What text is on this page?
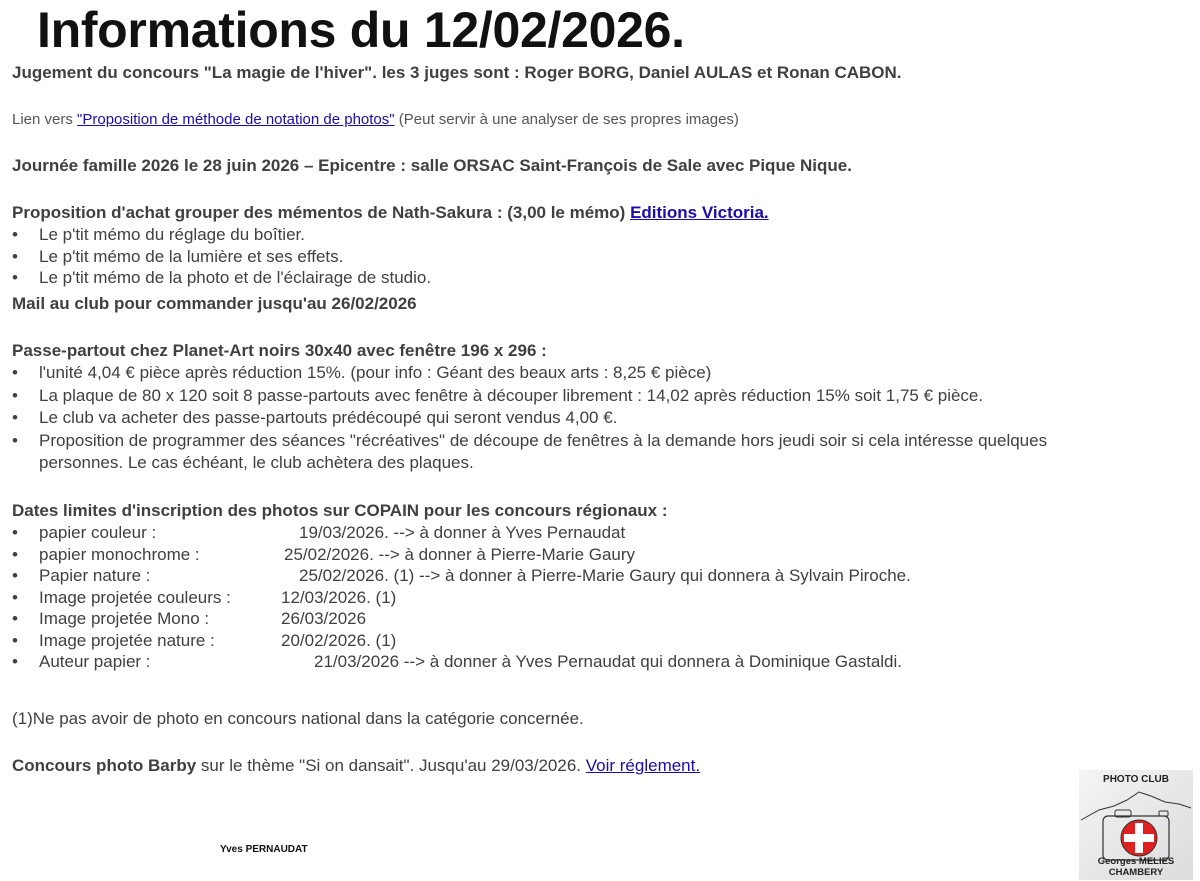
Informations du 12/02/2026.
Jugement du concours "La magie de l'hiver". les 3 juges sont : Roger BORG, Daniel AULAS et Ronan CABON.
Lien vers "Proposition de méthode de notation de photos" (Peut servir à une analyser de ses propres images)
Journée famille 2026 le 28 juin 2026 – Epicentre : salle ORSAC Saint-François de Sale avec Pique Nique.
Proposition d'achat grouper des mémentos de Nath-Sakura : (3,00 le mémo) Editions Victoria.
• Le p'tit mémo du réglage du boîtier.
• Le p'tit mémo de la lumière et ses effets.
• Le p'tit mémo de la photo et de l'éclairage de studio.
Mail au club pour commander jusqu'au 26/02/2026
Passe-partout chez Planet-Art noirs 30x40 avec fenêtre 196 x 296 :
• l'unité 4,04 € pièce après réduction 15%. (pour info : Géant des beaux arts : 8,25 € pièce)
• La plaque de 80 x 120 soit 8 passe-partouts avec fenêtre à découper librement : 14,02 après réduction 15% soit 1,75 € pièce.
• Le club va acheter des passe-partouts prédécoupé qui seront vendus 4,00 €.
• Proposition de programmer des séances "récréatives" de découpe de fenêtres à la demande hors jeudi soir si cela intéresse quelques personnes. Le cas échéant, le club achètera des plaques.
Dates limites d'inscription des photos sur COPAIN pour les concours régionaux :
• papier couleur :	19/03/2026. --> à donner à Yves Pernaudat
• papier monochrome :	25/02/2026. --> à donner à Pierre-Marie Gaury
• Papier nature :	25/02/2026. (1) --> à donner à Pierre-Marie Gaury qui donnera à Sylvain Piroche.
• Image projetée couleurs :	12/03/2026. (1)
• Image projetée Mono :	26/03/2026
• Image projetée nature :	20/02/2026. (1)
• Auteur papier :	21/03/2026 --> à donner à Yves Pernaudat qui donnera à Dominique Gastaldi.
(1)Ne pas avoir de photo en concours national dans la catégorie concernée.
Concours photo Barby sur le thème "Si on dansait". Jusqu'au 29/03/2026. Voir réglement.
Yves PERNAUDAT
PHOTO CLUB
Georges MELIES
CHAMBERY
